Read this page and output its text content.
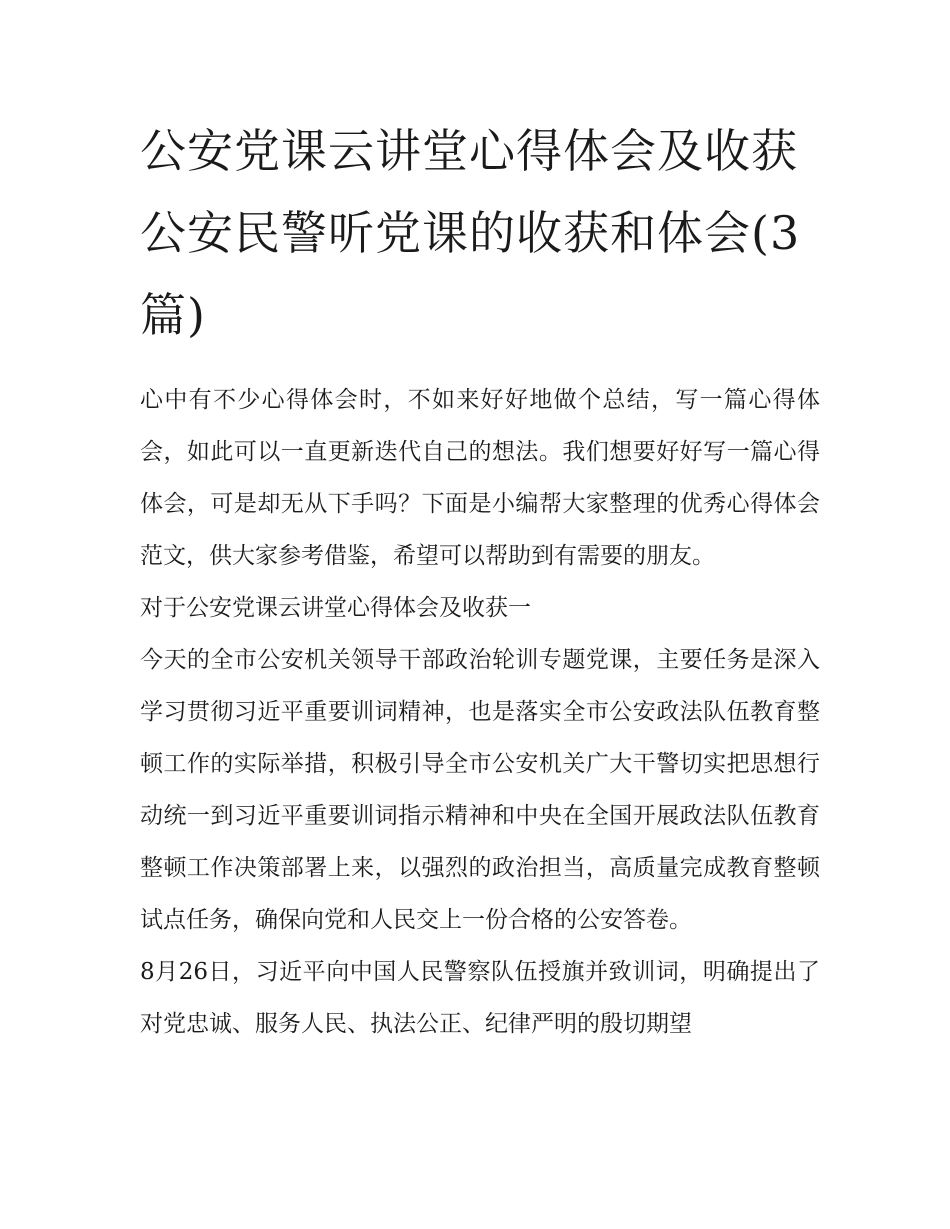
公安党课云讲堂心得体会及收获 公安民警听党课的收获和体会(3篇)

心中有不少心得体会时，不如来好好地做个总结，写一篇心得体会，如此可以一直更新迭代自己的想法。我们想要好好写一篇心得体会，可是却无从下手吗？下面是小编帮大家整理的优秀心得体会范文，供大家参考借鉴，希望可以帮助到有需要的朋友。

对于公安党课云讲堂心得体会及收获一

今天的全市公安机关领导干部政治轮训专题党课，主要任务是深入学习贯彻习近平重要训词精神，也是落实全市公安政法队伍教育整顿工作的实际举措，积极引导全市公安机关广大干警切实把思想行动统一到习近平重要训词指示精神和中央在全国开展政法队伍教育整顿工作决策部署上来，以强烈的政治担当，高质量完成教育整顿试点任务，确保向党和人民交上一份合格的公安答卷。

8月26日，习近平向中国人民警察队伍授旗并致训词，明确提出了对党忠诚、服务人民、执法公正、纪律严明的殷切期望
